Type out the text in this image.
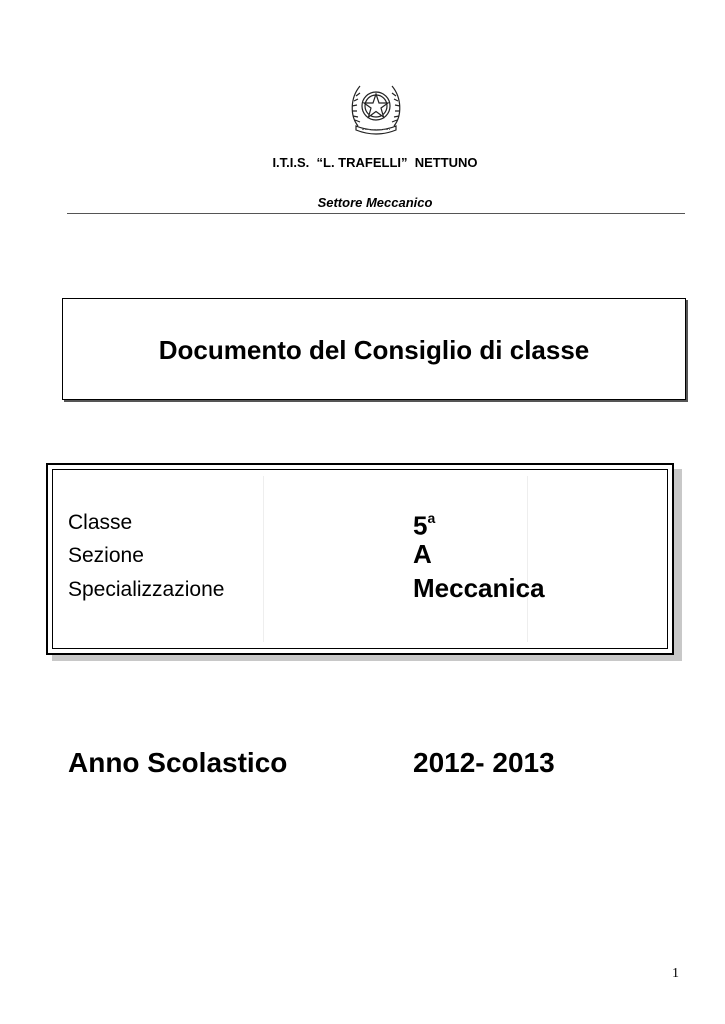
I.T.I.S.  “L. TRAFELLI”  NETTUNO
Settore Meccanico
Documento del Consiglio di classe
Classe	5$^a$
Sezione	A
Specializzazione	Meccanica
Anno Scolastico	2012- 2013
1
